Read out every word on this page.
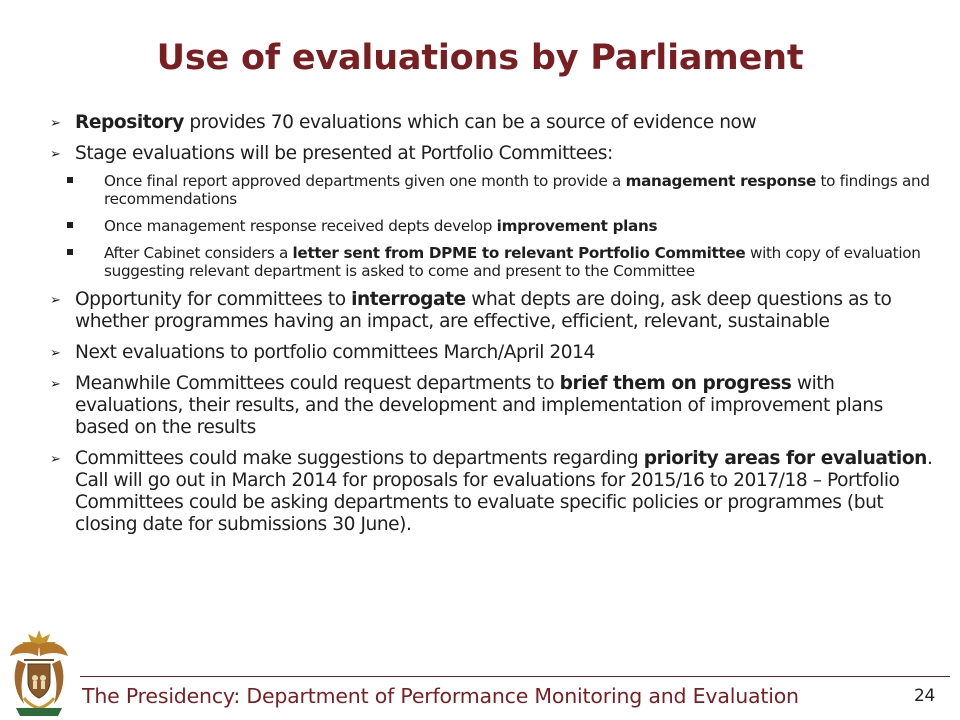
Use of evaluations by Parliament
➢ Repository provides 70 evaluations which can be a source of evidence now
➢ Stage evaluations will be presented at Portfolio Committees:
Once final report approved departments given one month to provide a management response to findings and recommendations
Once management response received depts develop improvement plans
After Cabinet considers a letter sent from DPME to relevant Portfolio Committee with copy of evaluation suggesting relevant department is asked to come and present to the Committee
➢ Opportunity for committees to interrogate what depts are doing, ask deep questions as to whether programmes having an impact, are effective, efficient, relevant, sustainable
➢ Next evaluations to portfolio committees March/April 2014
➢ Meanwhile Committees could request departments to brief them on progress with evaluations, their results, and the development and implementation of improvement plans based on the results
➢ Committees could make suggestions to departments regarding priority areas for evaluation. Call will go out in March 2014 for proposals for evaluations for 2015/16 to 2017/18 – Portfolio Committees could be asking departments to evaluate specific policies or programmes (but closing date for submissions 30 June).
The Presidency: Department of Performance Monitoring and Evaluation	24
